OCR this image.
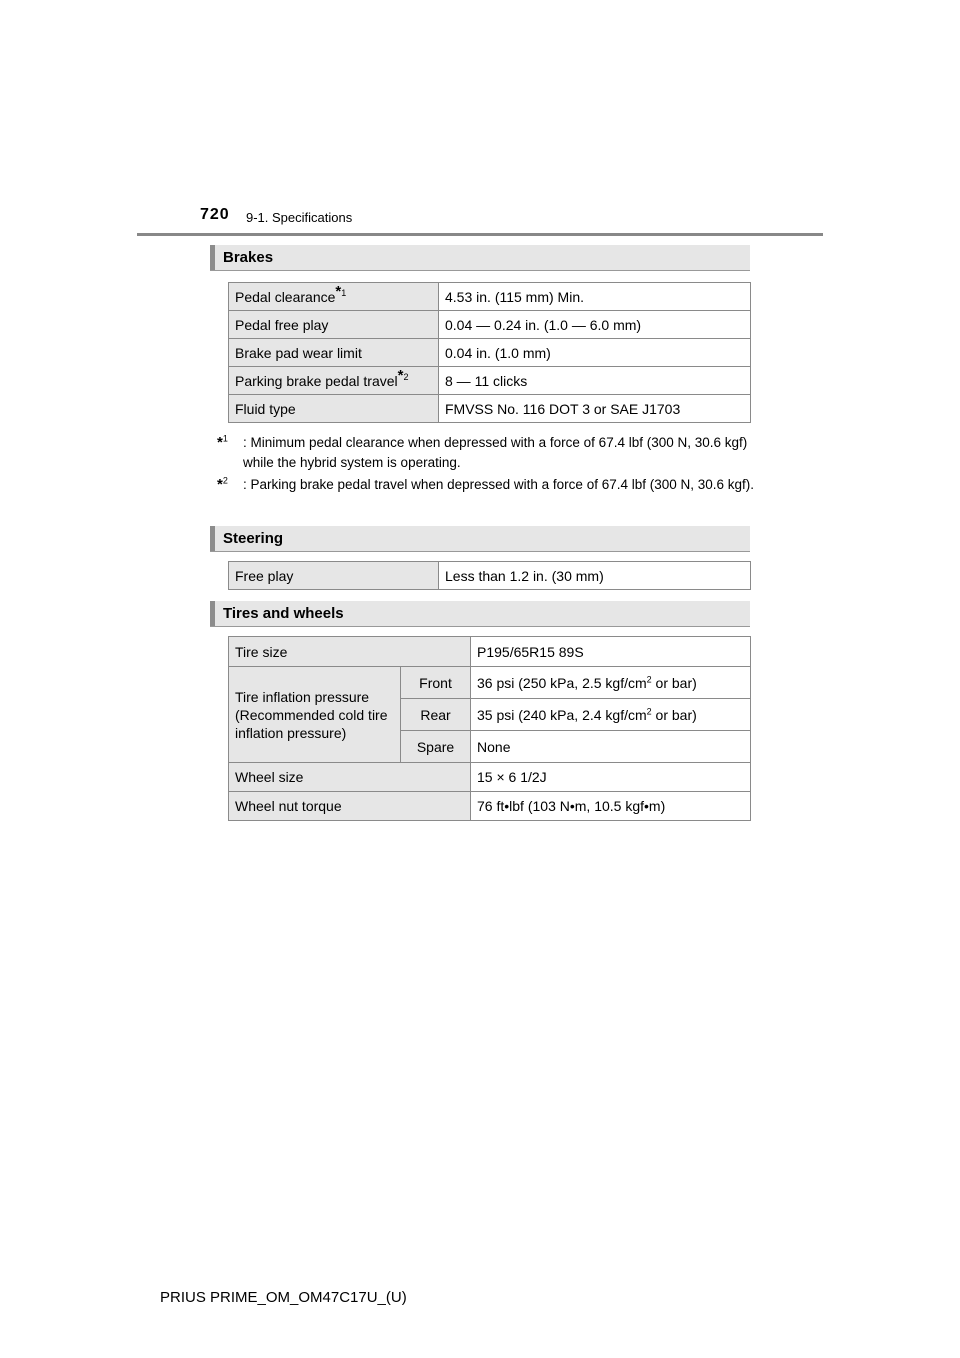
720 9-1. Specifications
Brakes
Pedal clearance$^{*1}$	4.53 in. (115 mm) Min.
Pedal free play	0.04 — 0.24 in. (1.0 — 6.0 mm)
Brake pad wear limit	0.04 in. (1.0 mm)
Parking brake pedal travel$^{*2}$	8 — 11 clicks
Fluid type	FMVSS No. 116 DOT 3 or SAE J1703
*$^1$	: Minimum pedal clearance when depressed with a force of 67.4 lbf (300 N, 30.6 kgf) while the hybrid system is operating.
*$^2$	: Parking brake pedal travel when depressed with a force of 67.4 lbf (300 N, 30.6 kgf).
Steering
Free play	Less than 1.2 in. (30 mm)
Tires and wheels
Tire size		P195/65R15 89S
Tire inflation pressure (Recommended cold tire inflation pressure)	Front	36 psi (250 kPa, 2.5 kgf/$cm^2$ or bar)
	Rear	35 psi (240 kPa, 2.4 kgf/$cm^2$ or bar)
	Spare	None
Wheel size		15 × 6 1/2J
Wheel nut torque		76 ft•lbf (103 N•m, 10.5 kgf•m)
PRIUS PRIME_OM_OM47C17U_(U)
